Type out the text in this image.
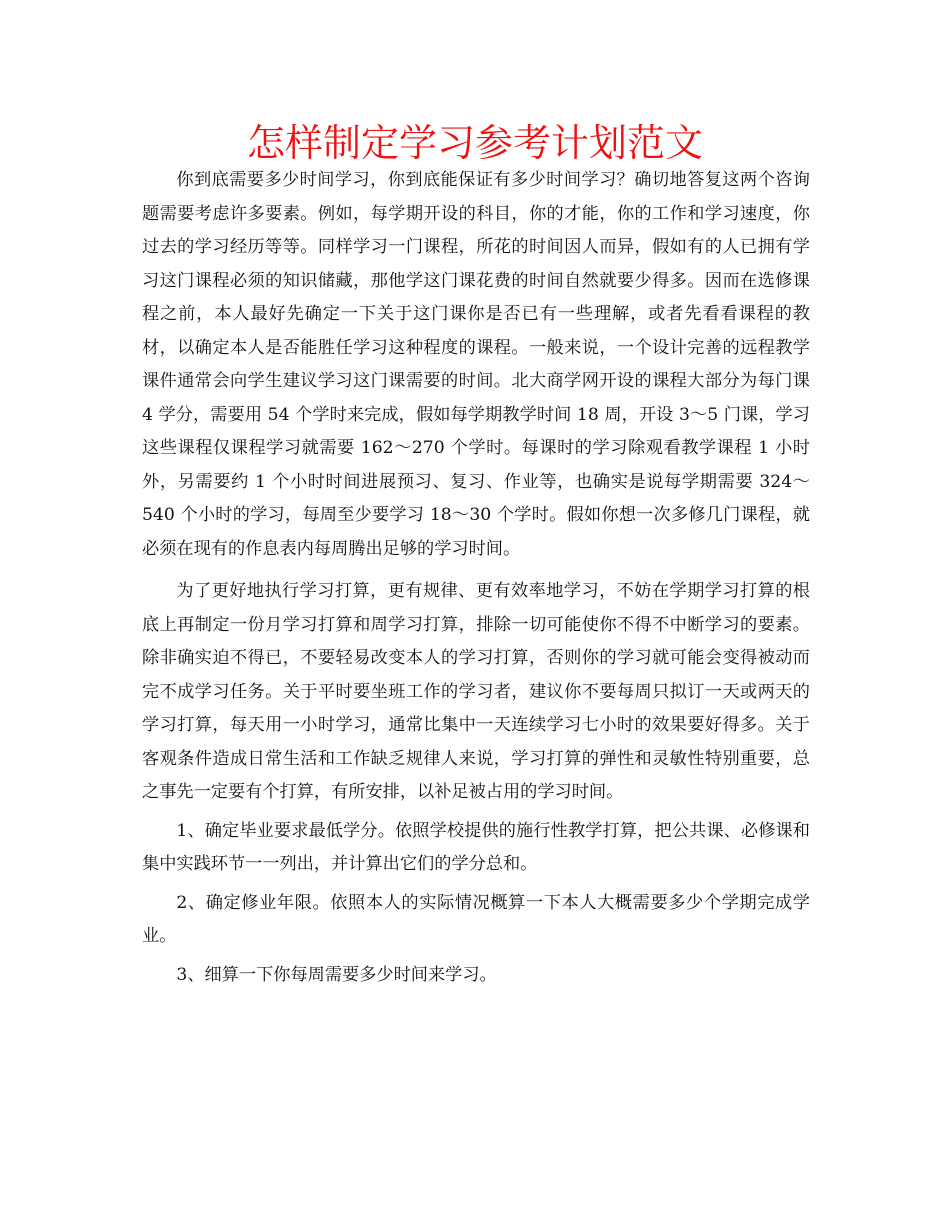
怎样制定学习参考计划范文

你到底需要多少时间学习，你到底能保证有多少时间学习？确切地答复这两个咨询题需要考虑许多要素。例如，每学期开设的科目，你的才能，你的工作和学习速度，你过去的学习经历等等。同样学习一门课程，所花的时间因人而异，假如有的人已拥有学习这门课程必须的知识储藏，那他学这门课花费的时间自然就要少得多。因而在选修课程之前，本人最好先确定一下关于这门课你是否已有一些理解，或者先看看课程的教材，以确定本人是否能胜任学习这种程度的课程。一般来说，一个设计完善的远程教学课件通常会向学生建议学习这门课需要的时间。北大商学网开设的课程大部分为每门课 4 学分，需要用 54 个学时来完成，假如每学期教学时间 18 周，开设 3～5 门课，学习这些课程仅课程学习就需要 162～270 个学时。每课时的学习除观看教学课程 1 小时外，另需要约 1 个小时时间进展预习、复习、作业等，也确实是说每学期需要 324～540 个小时的学习，每周至少要学习 18～30 个学时。假如你想一次多修几门课程，就必须在现有的作息表内每周腾出足够的学习时间。

为了更好地执行学习打算，更有规律、更有效率地学习，不妨在学期学习打算的根底上再制定一份月学习打算和周学习打算，排除一切可能使你不得不中断学习的要素。除非确实迫不得已，不要轻易改变本人的学习打算，否则你的学习就可能会变得被动而完不成学习任务。关于平时要坐班工作的学习者，建议你不要每周只拟订一天或两天的学习打算，每天用一小时学习，通常比集中一天连续学习七小时的效果要好得多。关于客观条件造成日常生活和工作缺乏规律人来说，学习打算的弹性和灵敏性特别重要，总之事先一定要有个打算，有所安排，以补足被占用的学习时间。

1、确定毕业要求最低学分。依照学校提供的施行性教学打算，把公共课、必修课和集中实践环节一一列出，并计算出它们的学分总和。

2、确定修业年限。依照本人的实际情况概算一下本人大概需要多少个学期完成学业。

3、细算一下你每周需要多少时间来学习。
